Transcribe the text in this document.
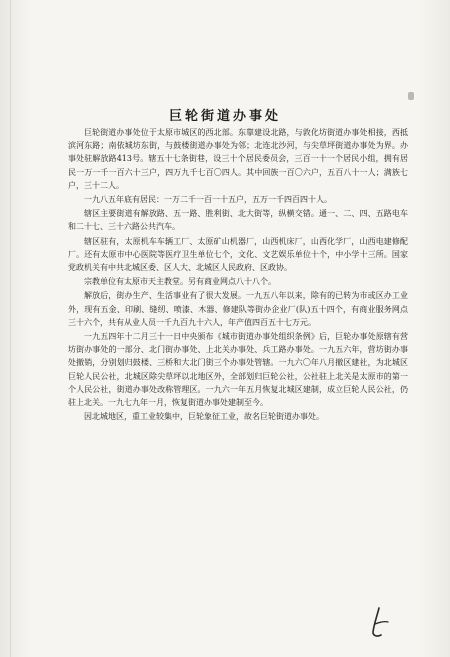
巨轮街道办事处

巨轮街道办事处位于太原市城区的西北部。东靠建设北路，与敦化坊街道办事处相接，西抵滨河东路；南依城坊东街，与鼓楼街道办事处为邻；北连北沙河，与尖草坪街道办事处为界。办事处驻解放路413号。辖五十七条街巷，设三十个居民委员会，三百一十一个居民小组，拥有居民一万一千一百六十三户，四万九千七百〇四人。其中回族一百〇六户，五百八十一人；满族七户，三十二人。

一九八五年底有居民：一万二千一百一十五户，五万一千四百四十人。

辖区主要街道有解放路、五一路、胜利街、北大街等，纵横交错。通一、二、四、五路电车和二十七、三十六路公共汽车。

辖区驻有，太原机车车辆工厂、太原矿山机器厂，山西机床厂，山西化学厂，山西电建修配厂。还有太原市中心医院等医疗卫生单位七个，文化、文艺娱乐单位十个，中小学十三所。国家党政机关有中共北城区委、区人大、北城区人民政府、区政协。

宗教单位有太原市天主教堂。另有商业网点八十八个。

解放后，街办生产、生活事业有了很大发展。一九五八年以来，除有的已转为市或区办工业外，现有五金、印刷、缝纫、喷漆、木器、修建队等街办企业厂(队)五十四个，有商业服务网点三十六个，共有从业人员一千九百九十六人，年产值四百五十七万元。

一九五四年十二月三十一日中央颁布《城市街道办事处组织条例》后，巨轮办事处原辖有营坊街办事处的一部分、北门街办事处、上北关办事处、兵工路办事处。一九五六年，营坊街办事处撤销，分别划归鼓楼、三桥和大北门街三个办事处管辖。一九六〇年八月撤区建社，为北城区巨轮人民公社，北城区除尖草坪以北地区外，全部划归巨轮公社，公社驻上北关是太原市的第一个人民公社，街道办事处改称管理区。一九六一年五月恢复北城区建制，成立巨轮人民公社，仍驻上北关。一九七九年一月，恢复街道办事处建制至今。

因北城地区，重工业较集中，巨轮象征工业，故名巨轮街道办事处。
